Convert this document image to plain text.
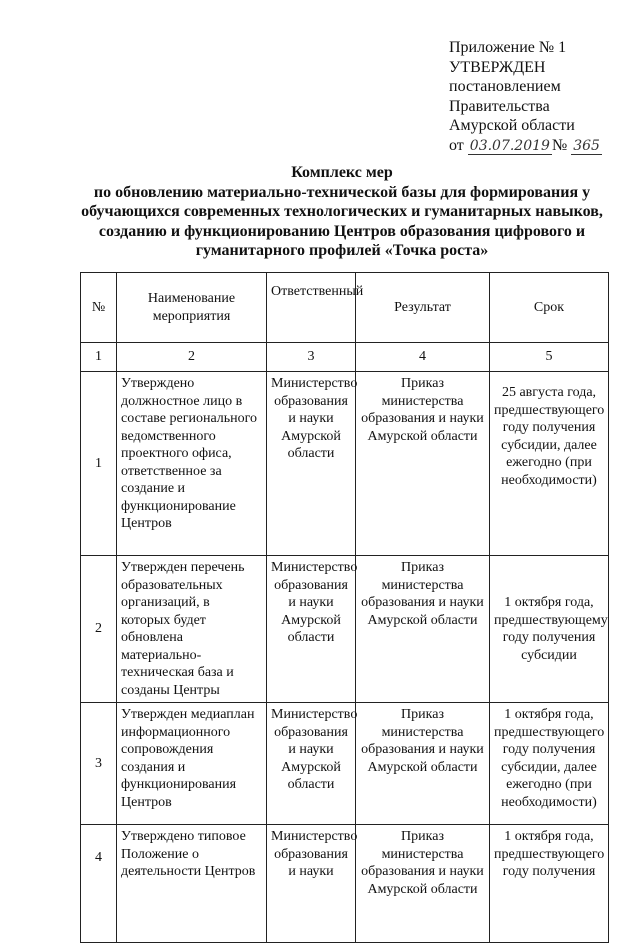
Приложение № 1
УТВЕРЖДЕН
постановлением
Правительства
Амурской области
от 03.07.2019 № 365
Комплекс мер
по обновлению материально-технической базы для формирования у
обучающихся современных технологических и гуманитарных навыков,
созданию и функционированию Центров образования цифрового и
гуманитарного профилей «Точка роста»
№	Наименование мероприятия	Ответственный	Результат	Срок
1	2	3	4	5
1	Утверждено должностное лицо в составе регионального ведомственного проектного офиса, ответственное за создание и функционирование Центров	Министерство образования и науки Амурской области	Приказ министерства образования и науки Амурской области	25 августа года, предшествующего году получения субсидии, далее ежегодно (при необходимости)
2	Утвержден перечень образовательных организаций, в которых будет обновлена материально-техническая база и созданы Центры	Министерство образования и науки Амурской области	Приказ министерства образования и науки Амурской области	1 октября года, предшествующему году получения субсидии
3	Утвержден медиаплан информационного сопровождения создания и функционирования Центров	Министерство образования и науки Амурской области	Приказ министерства образования и науки Амурской области	1 октября года, предшествующего году получения субсидии, далее ежегодно (при необходимости)
4	Утверждено типовое Положение о деятельности Центров	Министерство образования и науки	Приказ министерства образования и науки Амурской области	1 октября года, предшествующего году получения
